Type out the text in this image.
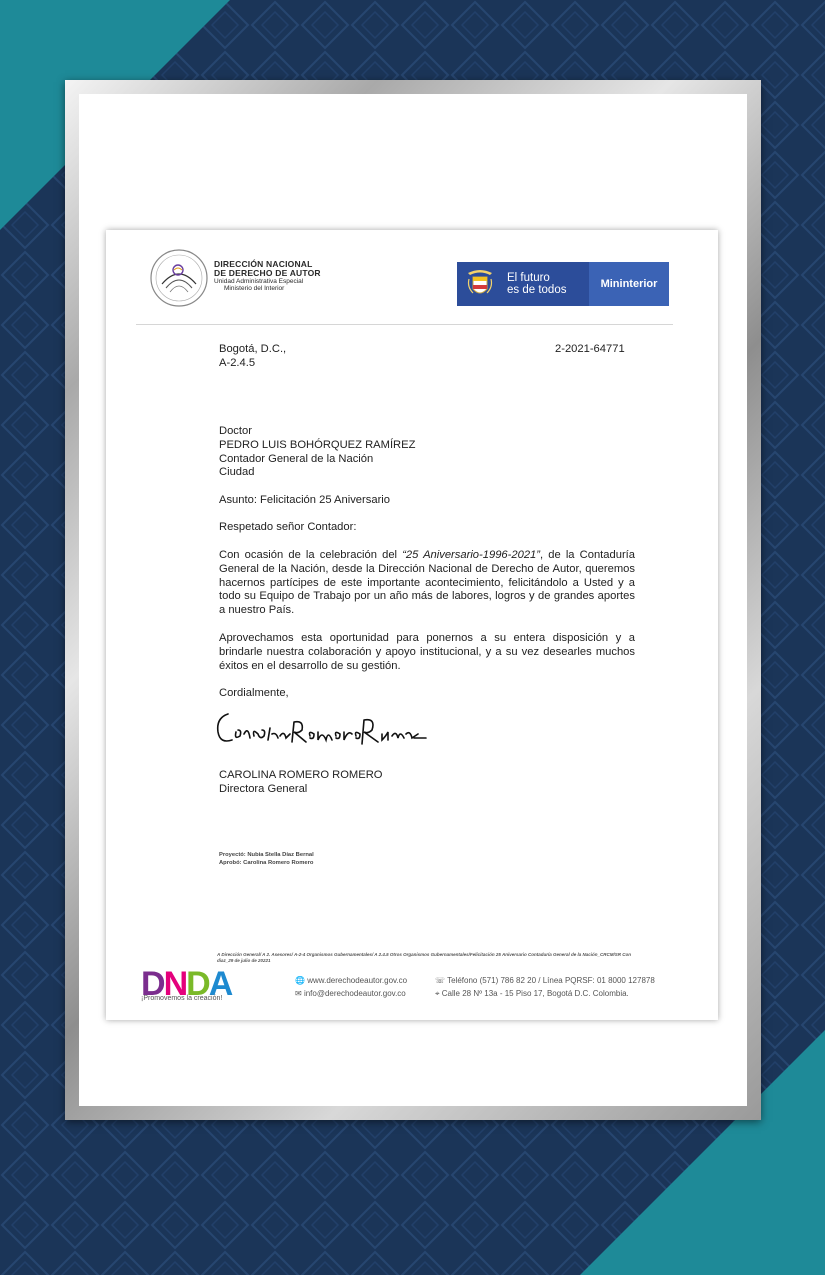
DIRECCIÓN NACIONAL
DE DERECHO DE AUTOR
Unidad Administrativa Especial
Ministerio del Interior
El futuro
es de todos	Mininterior
Bogotá, D.C.,
A-2.4.5
2-2021-64771
Doctor
PEDRO LUIS BOHÓRQUEZ RAMÍREZ
Contador General de la Nación
Ciudad
Asunto: Felicitación 25 Aniversario
Respetado señor Contador:
Con ocasión de la celebración del “25 Aniversario-1996-2021”, de la Contaduría General de la Nación, desde la Dirección Nacional de Derecho de Autor, queremos hacernos partícipes de este importante acontecimiento, felicitándolo a Usted y a todo su Equipo de Trabajo por un año más de labores, logros y de grandes aportes a nuestro País.
Aprovechamos esta oportunidad para ponernos a su entera disposición y a brindarle nuestra colaboración y apoyo institucional, y a su vez desearles muchos éxitos en el desarrollo de su gestión.
Cordialmente,
CAROLINA ROMERO ROMERO
Directora General
Proyectó: Nubia Stella Díaz Bernal
Aprobó: Carolina Romero Romero
A Dirección General/ A 2. Asesores/ A-2-4 Organismos Gubernamentales/ A 2.4.5 Otros Organismos Gubernamentales/Felicitación 25 Aniversario Contaduría General de la Nación_CRCM/SR Con diaz_29 de julio de 20221
DNDA
¡Promovemos la creación!
🌐 www.derechodeautor.gov.co
✉ info@derechodeautor.gov.co
☏ Teléfono (571) 786 82 20 / Línea PQRSF: 01 8000 127878
⌖ Calle 28 Nº 13a - 15 Piso 17, Bogotá D.C. Colombia.
